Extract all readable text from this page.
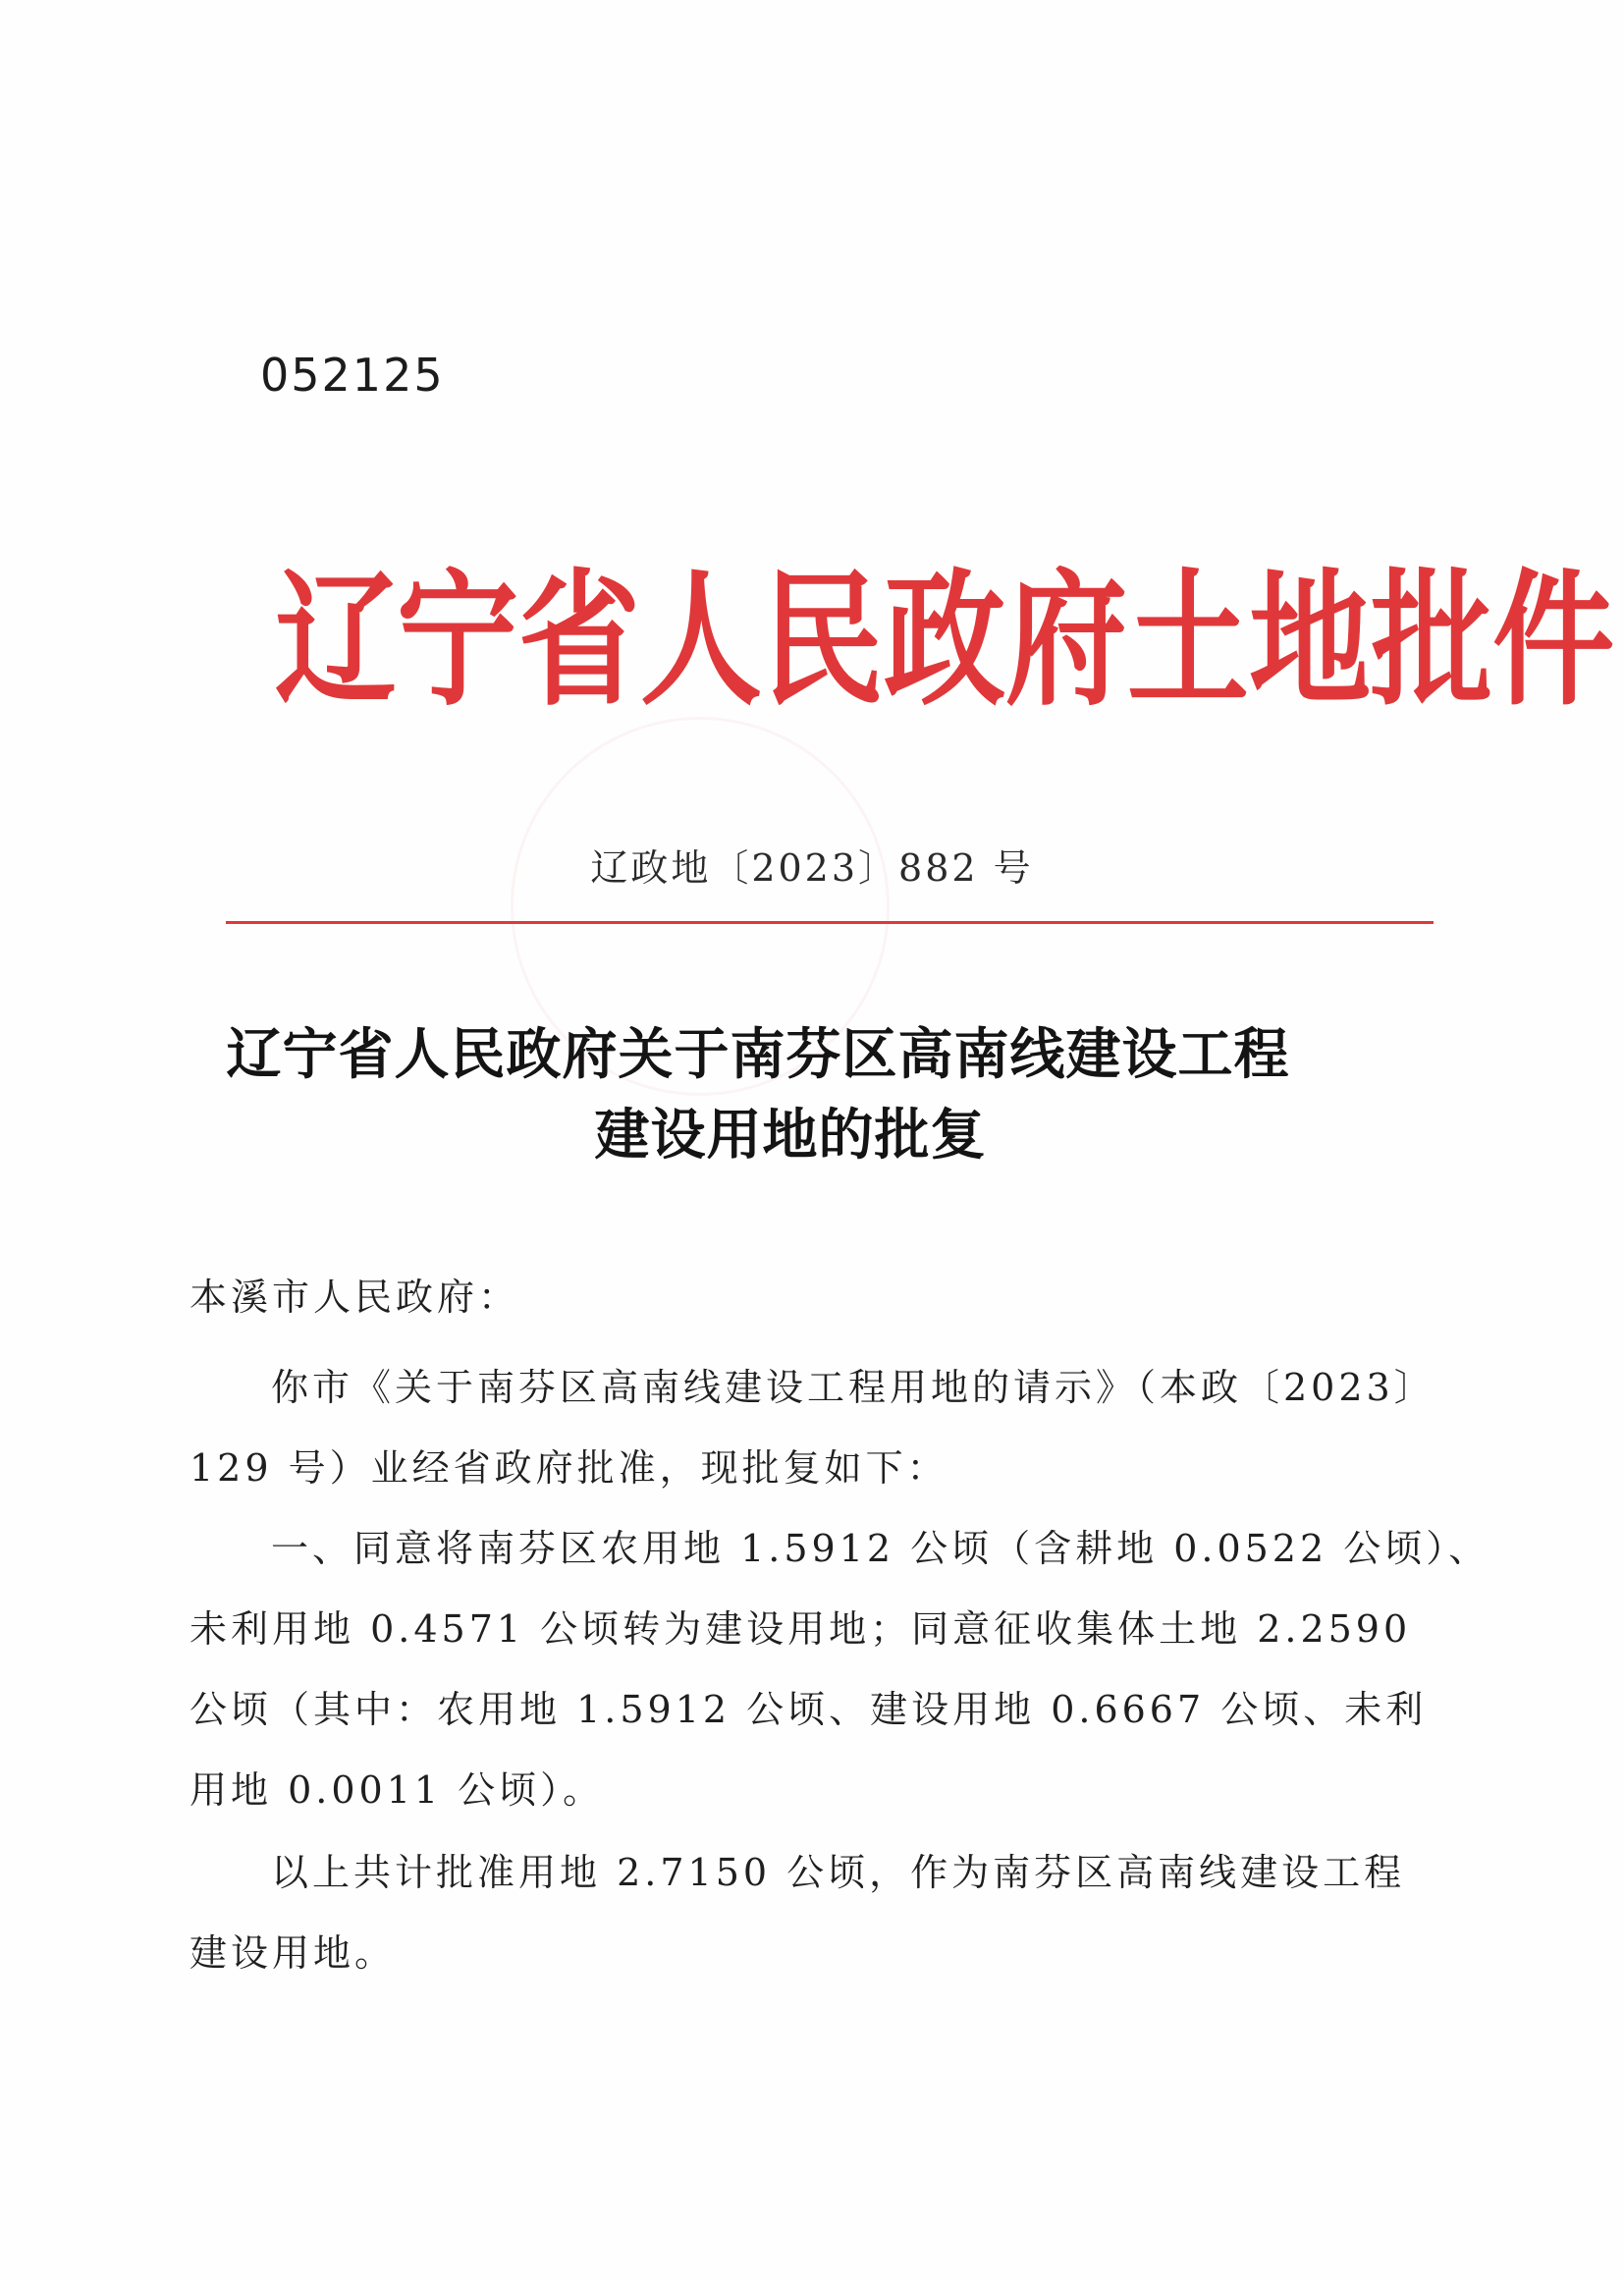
052125
辽 宁 省 人 民 政 府 土 地 批 件
辽政地〔2023〕882 号
辽宁省人民政府关于南芬区高南线建设工程
建设用地的批复
本溪市人民政府：
你市《关于南芬区高南线建设工程用地的请示》（本政〔2023〕
129 号）业经省政府批准，现批复如下：
一、同意将南芬区农用地 1.5912 公顷（含耕地 0.0522 公顷）、
未利用地 0.4571 公顷转为建设用地；同意征收集体土地 2.2590
公顷（其中：农用地 1.5912 公顷、建设用地 0.6667 公顷、未利
用地 0.0011 公顷）。
以上共计批准用地 2.7150 公顷，作为南芬区高南线建设工程
建设用地。
